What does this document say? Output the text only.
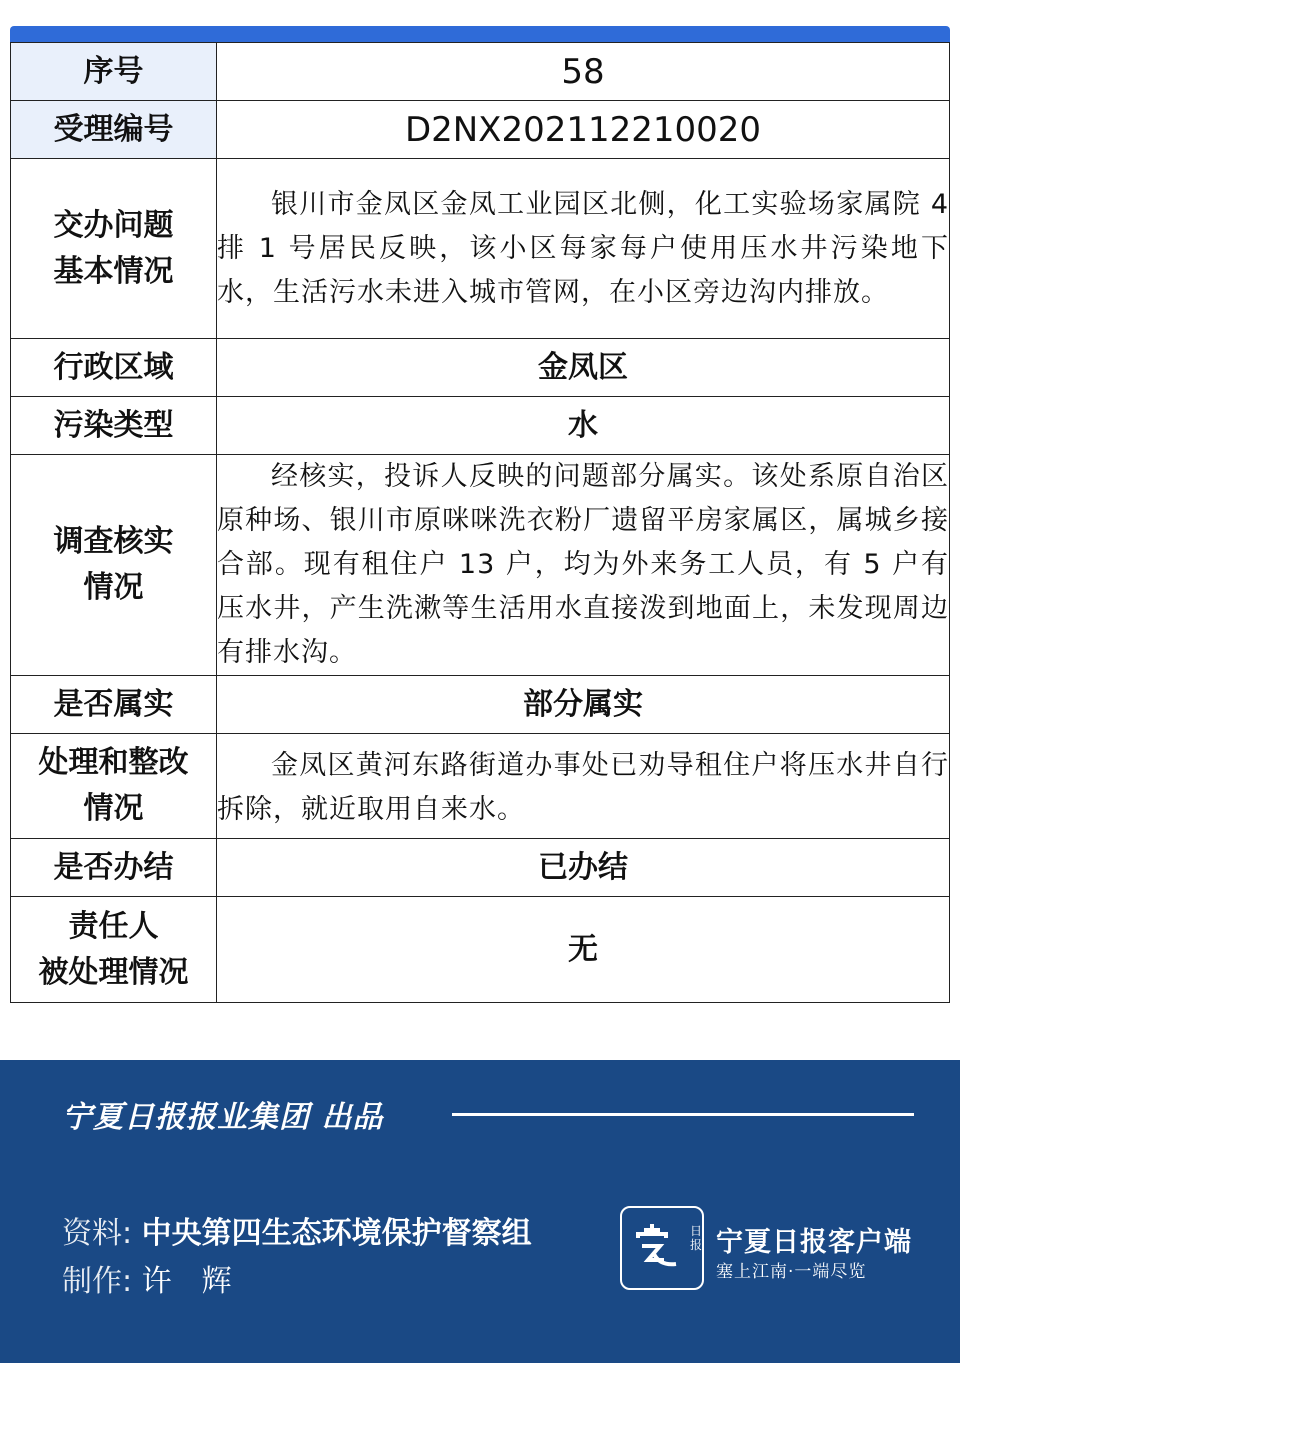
序号	58
受理编号	D2NX202112210020

交办问题
基本情况	银川市金凤区金凤工业园区北侧，化工实验场家属院 4 排 1 号居民反映，该小区每家每户使用压水井污染地下水，生活污水未进入城市管网，在小区旁边沟内排放。

行政区域	金凤区
污染类型	水

调查核实
情况	经核实，投诉人反映的问题部分属实。该处系原自治区原种场、银川市原咪咪洗衣粉厂遗留平房家属区，属城乡接合部。现有租住户 13 户，均为外来务工人员，有 5 户有压水井，产生洗漱等生活用水直接泼到地面上，未发现周边有排水沟。

是否属实	部分属实

处理和整改
情况	金凤区黄河东路街道办事处已劝导租住户将压水井自行拆除，就近取用自来水。

是否办结	已办结

责任人
被处理情况	无
宁夏日报报业集团 出品
资料: 中央第四生态环境保护督察组
制作: 许　辉
NINGXIA DAILY
日报 宁夏日报客户端
塞上江南·一端尽览
